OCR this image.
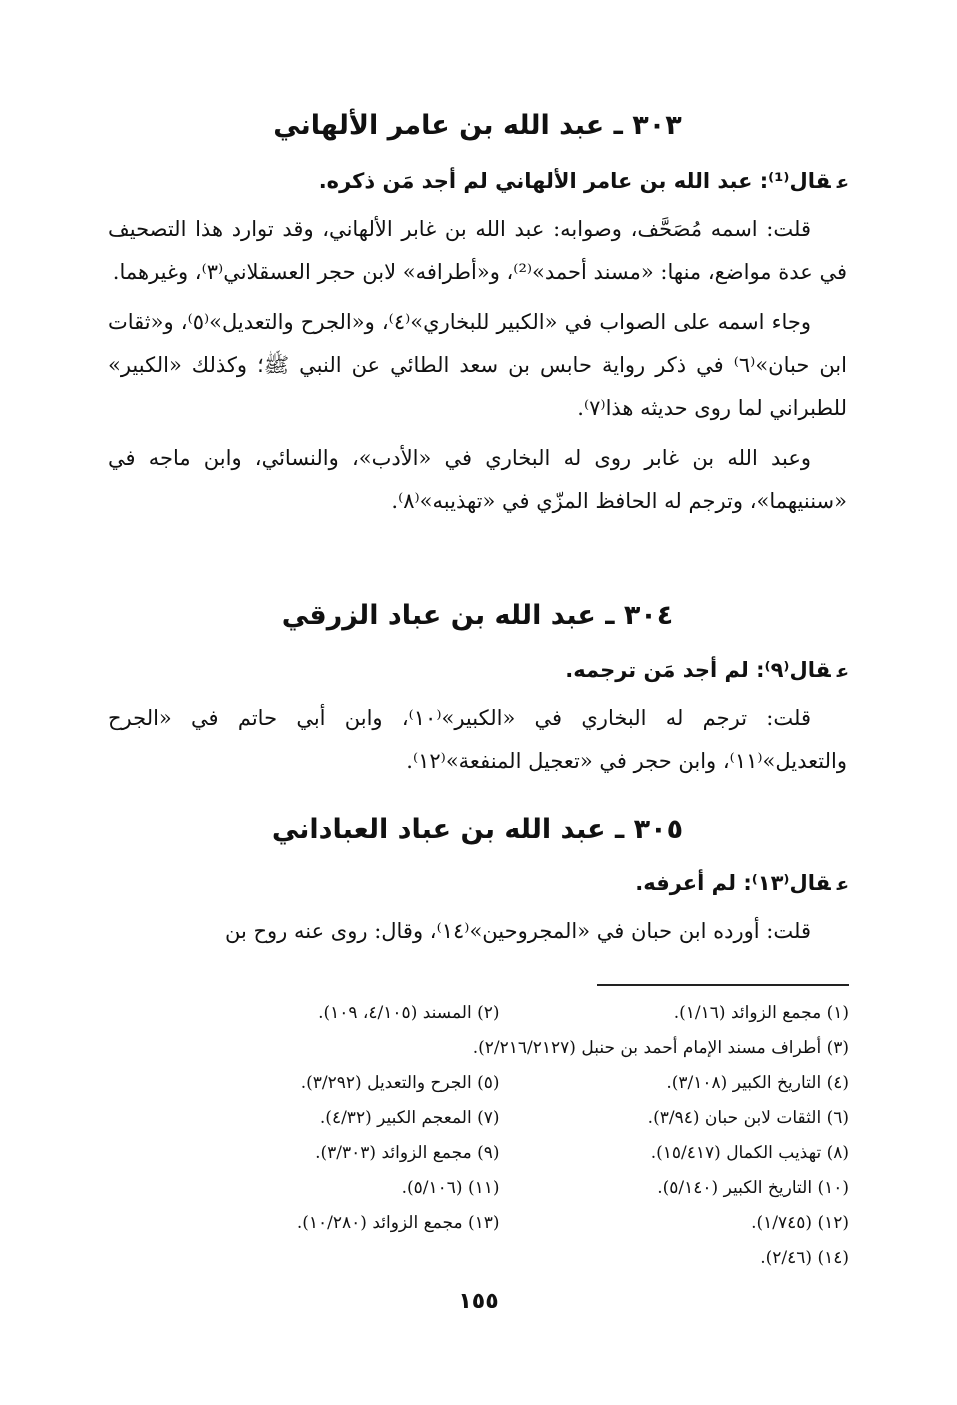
٣٠٣ ـ عبد الله بن عامر الألهاني
عقال⁽¹⁾: عبد الله بن عامر الألهاني لم أجد مَن ذكره.

قلت: اسمه مُصَحَّف، وصوابه: عبد الله بن غابر الألهاني، وقد توارد هذا التصحيف في عدة مواضع، منها: «مسند أحمد»⁽²⁾، و«أطرافه» لابن حجر العسقلاني⁽٣⁾، وغيرهما.

وجاء اسمه على الصواب في «الكبير للبخاري»⁽٤⁾، و«الجرح والتعديل»⁽٥⁾، و«ثقات ابن حبان»⁽٦⁾ في ذكر رواية حابس بن سعد الطائي عن النبي ﷺ؛ وكذلك «الكبير» للطبراني لما روى حديثه هذا⁽٧⁾.

وعبد الله بن غابر روى له البخاري في «الأدب»، والنسائي، وابن ماجه في «سننيهما»، وترجم له الحافظ المزّي في «تهذيبه»⁽٨⁾.

٣٠٤ ـ عبد الله بن عباد الزرقي
عقال⁽٩⁾: لم أجد مَن ترجمه.

قلت: ترجم له البخاري في «الكبير»⁽١٠⁾، وابن أبي حاتم في «الجرح والتعديل»⁽١١⁾، وابن حجر في «تعجيل المنفعة»⁽١٢⁾.

٣٠٥ ـ عبد الله بن عباد العباداني
عقال⁽١٣⁾: لم أعرفه.

قلت: أورده ابن حبان في «المجروحين»⁽١٤⁾، وقال: روى عنه روح بن

(١) مجمع الزوائد (١/١٦).
(٢) المسند (٤/١٠٥، ١٠٩).
(٣) أطراف مسند الإمام أحمد بن حنبل (٢/٢١٦/٢١٢٧).
(٤) التاريخ الكبير (٣/١٠٨).
(٥) الجرح والتعديل (٣/٢٩٢).
(٦) الثقات لابن حبان (٣/٩٤).
(٧) المعجم الكبير (٤/٣٢).
(٨) تهذيب الكمال (١٥/٤١٧).
(٩) مجمع الزوائد (٣/٣٠٣).
(١٠) التاريخ الكبير (٥/١٤٠).
(١١) (٥/١٠٦).
(١٢) (١/٧٤٥).
(١٣) مجمع الزوائد (١٠/٢٨٠).
(١٤) (٢/٤٦).
١٥٥
